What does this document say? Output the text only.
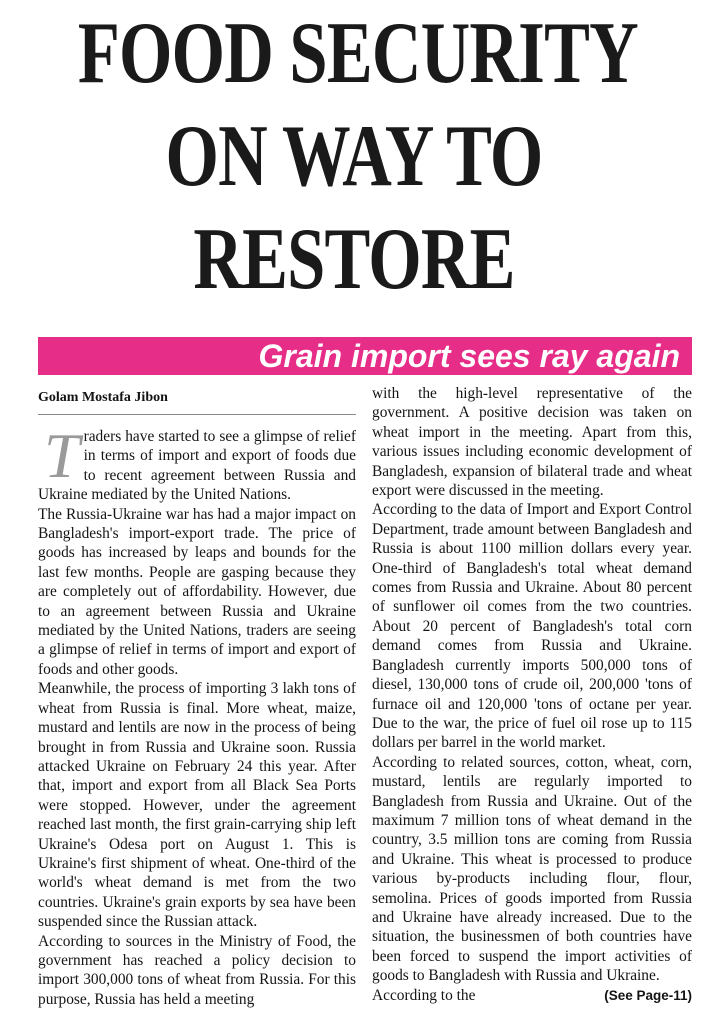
FOOD SECURITY
ON WAY TO
RESTORE
Grain import sees ray again
Golam Mostafa Jibon

Traders have started to see a glimpse of relief in terms of import and export of foods due to recent agreement between Russia and Ukraine mediated by the United Nations.

The Russia-Ukraine war has had a major impact on Bangladesh's import-export trade. The price of goods has increased by leaps and bounds for the last few months. People are gasping because they are completely out of affordability. However, due to an agreement between Russia and Ukraine mediated by the United Nations, traders are seeing a glimpse of relief in terms of import and export of foods and other goods.

Meanwhile, the process of importing 3 lakh tons of wheat from Russia is final. More wheat, maize, mustard and lentils are now in the process of being brought in from Russia and Ukraine soon. Russia attacked Ukraine on February 24 this year. After that, import and export from all Black Sea Ports were stopped. However, under the agreement reached last month, the first grain-carrying ship left Ukraine's Odesa port on August 1. This is Ukraine's first shipment of wheat. One-third of the world's wheat demand is met from the two countries. Ukraine's grain exports by sea have been suspended since the Russian attack.

According to sources in the Ministry of Food, the government has reached a policy decision to import 300,000 tons of wheat from Russia. For this purpose, Russia has held a meeting

with the high-level representative of the government. A positive decision was taken on wheat import in the meeting. Apart from this, various issues including economic development of Bangladesh, expansion of bilateral trade and wheat export were discussed in the meeting.

According to the data of Import and Export Control Department, trade amount between Bangladesh and Russia is about 1100 million dollars every year. One-third of Bangladesh's total wheat demand comes from Russia and Ukraine. About 80 percent of sunflower oil comes from the two countries. About 20 percent of Bangladesh's total corn demand comes from Russia and Ukraine. Bangladesh currently imports 500,000 tons of diesel, 130,000 tons of crude oil, 200,000 'tons of furnace oil and 120,000 'tons of octane per year. Due to the war, the price of fuel oil rose up to 115 dollars per barrel in the world market.

According to related sources, cotton, wheat, corn, mustard, lentils are regularly imported to Bangladesh from Russia and Ukraine. Out of the maximum 7 million tons of wheat demand in the country, 3.5 million tons are coming from Russia and Ukraine. This wheat is processed to produce various by-products including flour, flour, semolina. Prices of goods imported from Russia and Ukraine have already increased. Due to the situation, the businessmen of both countries have been forced to suspend the import activities of goods to Bangladesh with Russia and Ukraine.

According to the	(See Page-11)
